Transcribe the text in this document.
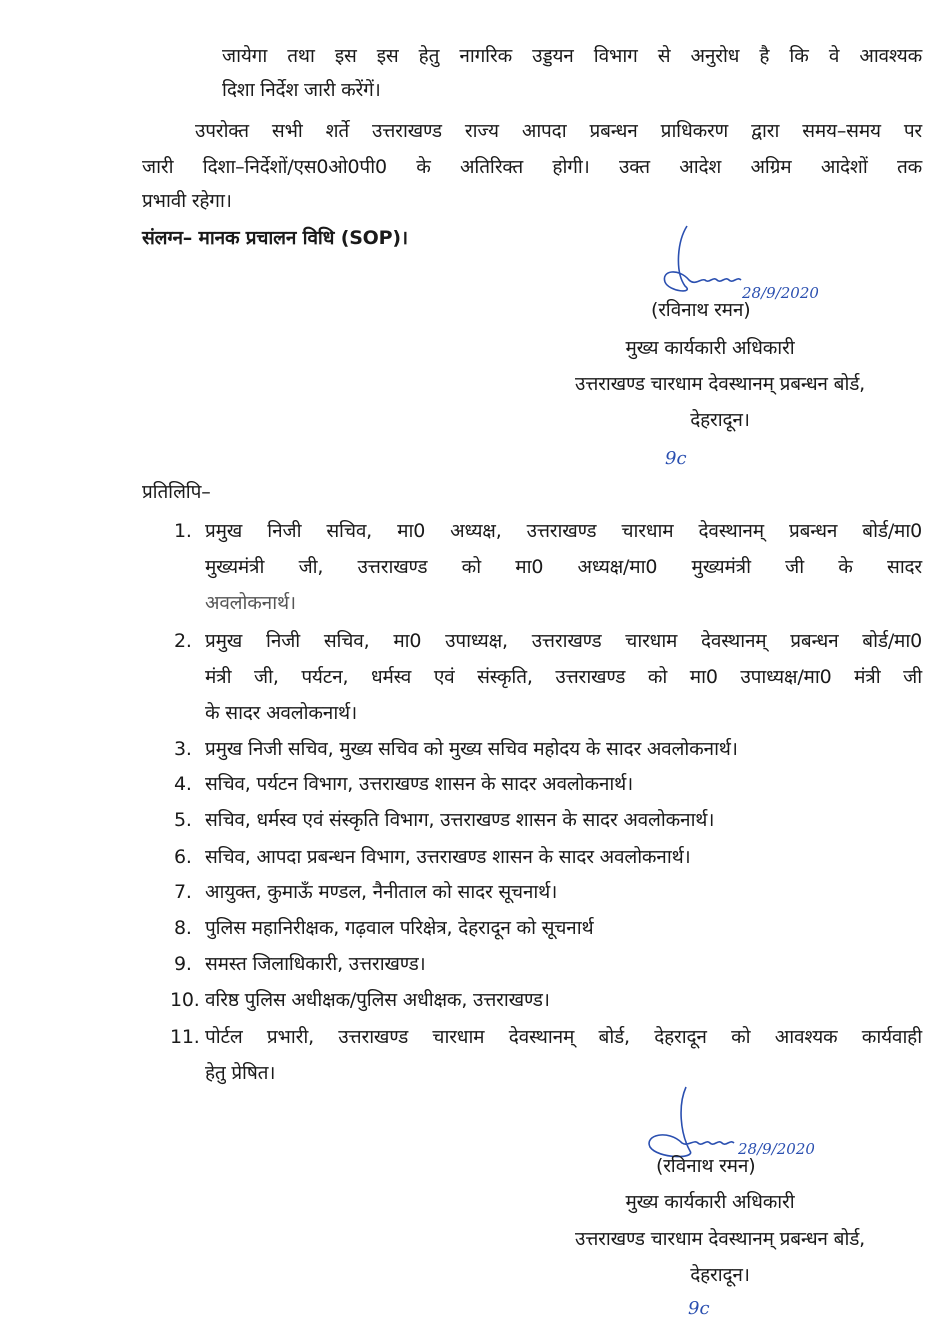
जायेगा तथा इस इस हेतु नागरिक उड्डयन विभाग से अनुरोध है कि वे आवश्यक
दिशा निर्देश जारी करेंगें।
उपरोक्त सभी शर्ते उत्तराखण्ड राज्य आपदा प्रबन्धन प्राधिकरण द्वारा समय–समय पर
जारी दिशा–निर्देशों/एस0ओ0पी0 के अतिरिक्त होगी। उक्त आदेश अग्रिम आदेशों तक
प्रभावी रहेगा।
संलग्न– मानक प्रचालन विधि (SOP)।
28/9/2020
(रविनाथ रमन)
मुख्य कार्यकारी अधिकारी
उत्तराखण्ड चारधाम देवस्थानम् प्रबन्धन बोर्ड,
देहरादून।
9c
प्रतिलिपि–
1. प्रमुख निजी सचिव, मा0 अध्यक्ष, उत्तराखण्ड चारधाम देवस्थानम् प्रबन्धन बोर्ड/मा0
मुख्यमंत्री जी, उत्तराखण्ड को मा0 अध्यक्ष/मा0 मुख्यमंत्री जी के सादर
अवलोकनार्थ।
2. प्रमुख निजी सचिव, मा0 उपाध्यक्ष, उत्तराखण्ड चारधाम देवस्थानम् प्रबन्धन बोर्ड/मा0
मंत्री जी, पर्यटन, धर्मस्व एवं संस्कृति, उत्तराखण्ड को मा0 उपाध्यक्ष/मा0 मंत्री जी
के सादर अवलोकनार्थ।
3. प्रमुख निजी सचिव, मुख्य सचिव को मुख्य सचिव महोदय के सादर अवलोकनार्थ।
4. सचिव, पर्यटन विभाग, उत्तराखण्ड शासन के सादर अवलोकनार्थ।
5. सचिव, धर्मस्व एवं संस्कृति विभाग, उत्तराखण्ड शासन के सादर अवलोकनार्थ।
6. सचिव, आपदा प्रबन्धन विभाग, उत्तराखण्ड शासन के सादर अवलोकनार्थ।
7. आयुक्त, कुमाऊँ मण्डल, नैनीताल को सादर सूचनार्थ।
8. पुलिस महानिरीक्षक, गढ़वाल परिक्षेत्र, देहरादून को सूचनार्थ
9. समस्त जिलाधिकारी, उत्तराखण्ड।
10. वरिष्ठ पुलिस अधीक्षक/पुलिस अधीक्षक, उत्तराखण्ड।
11. पोर्टल प्रभारी, उत्तराखण्ड चारधाम देवस्थानम् बोर्ड, देहरादून को आवश्यक कार्यवाही
हेतु प्रेषित।
28/9/2020
(रविनाथ रमन)
मुख्य कार्यकारी अधिकारी
उत्तराखण्ड चारधाम देवस्थानम् प्रबन्धन बोर्ड,
देहरादून।
9c
